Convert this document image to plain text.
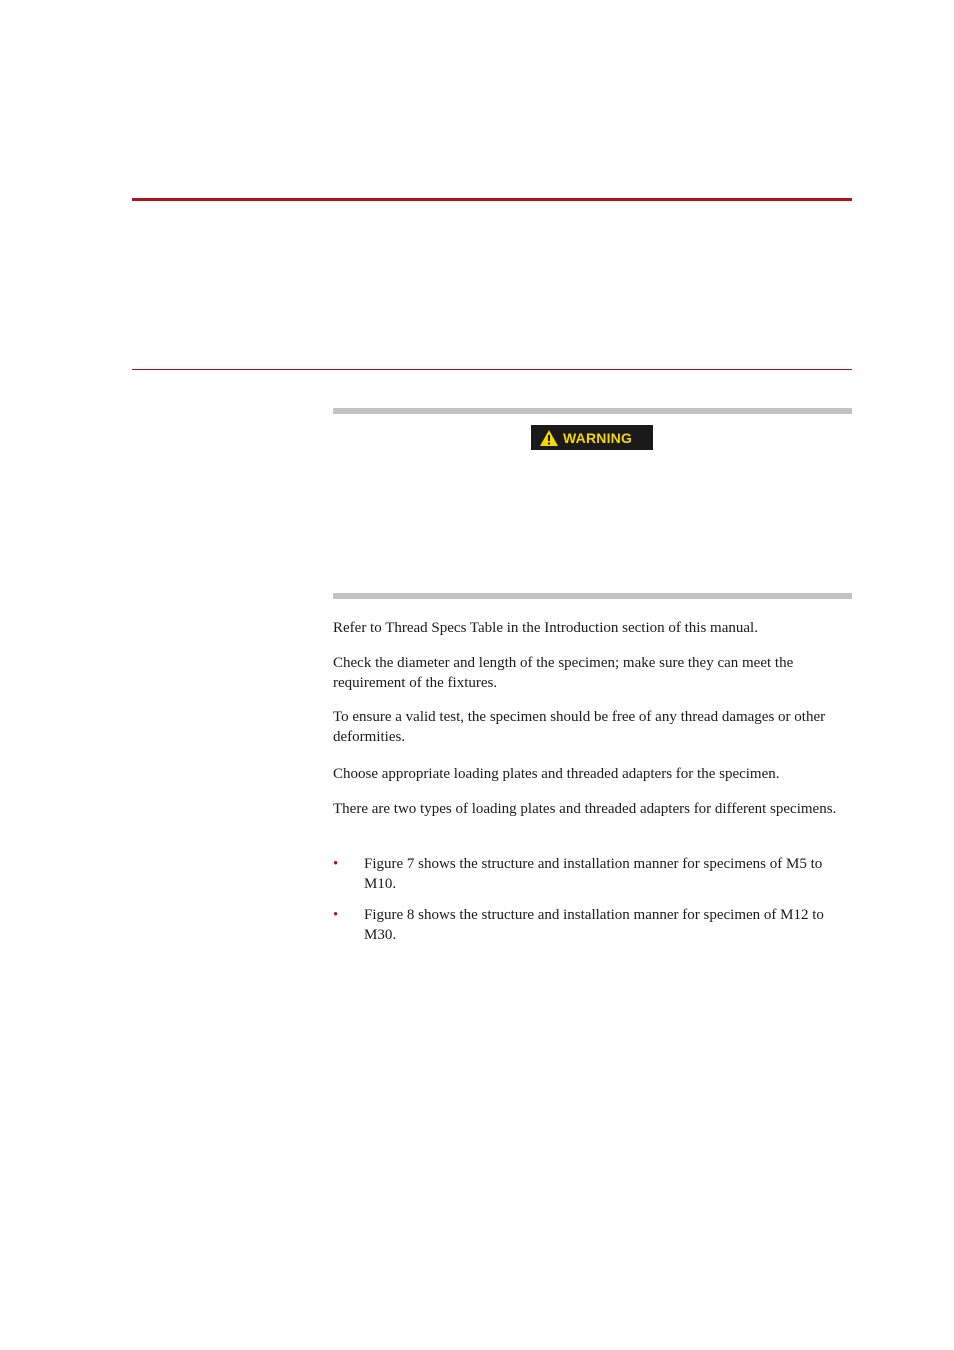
WARNING

Refer to Thread Specs Table in the Introduction section of this manual.

Check the diameter and length of the specimen; make sure they can meet the requirement of the fixtures.

To ensure a valid test, the specimen should be free of any thread damages or other deformities.

Choose appropriate loading plates and threaded adapters for the specimen.

There are two types of loading plates and threaded adapters for different specimens.

• Figure 7 shows the structure and installation manner for specimens of M5 to M10.
• Figure 8 shows the structure and installation manner for specimen of M12 to M30.
